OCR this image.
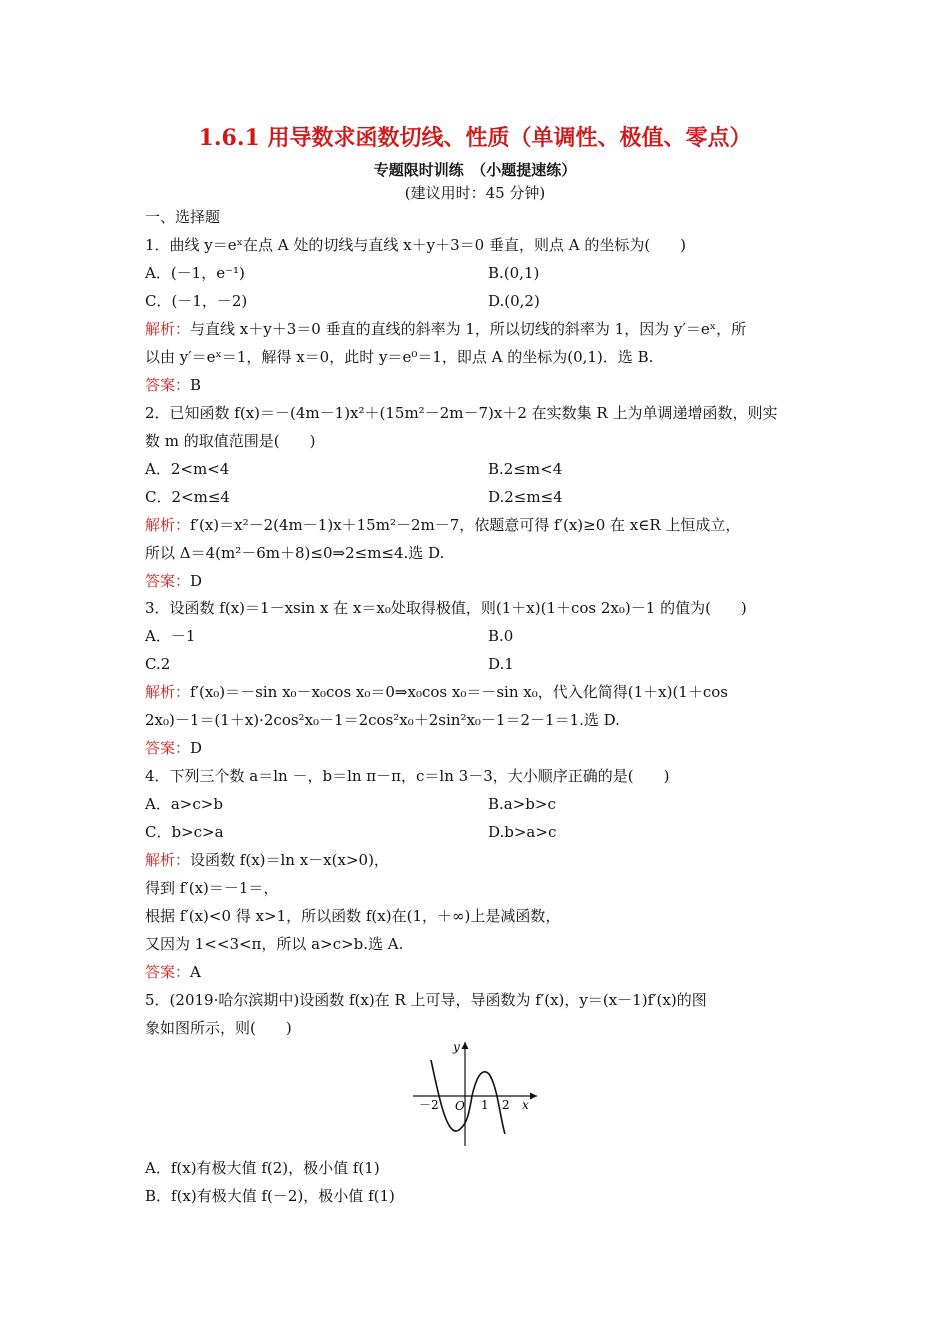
1.6.1 用导数求函数切线、性质（单调性、极值、零点）
专题限时训练　（小题提速练）
(建议用时：45 分钟)
一、选择题
1．曲线 y＝eˣ在点 A 处的切线与直线 x＋y＋3＝0 垂直，则点 A 的坐标为(　　)
A．(－1，e⁻¹)	B.(0,1)
C．(－1，－2)	D.(0,2)
解析：与直线 x＋y＋3＝0 垂直的直线的斜率为 1，所以切线的斜率为 1，因为 y′＝eˣ，所
以由 y′＝eˣ＝1，解得 x＝0，此时 y＝e⁰＝1，即点 A 的坐标为(0,1)．选 B.
答案：B
2．已知函数 f(x)＝－(4m－1)x²＋(15m²－2m－7)x＋2 在实数集 R 上为单调递增函数，则实
数 m 的取值范围是(　　)
A．2<m<4	B.2≤m<4
C．2<m≤4	D.2≤m≤4
解析：f′(x)＝x²－2(4m－1)x＋15m²－2m－7，依题意可得 f′(x)≥0 在 x∈R 上恒成立，
所以 Δ＝4(m²－6m＋8)≤0⇒2≤m≤4.选 D.
答案：D
3．设函数 f(x)＝1－xsin x 在 x＝x₀处取得极值，则(1＋x)(1＋cos 2x₀)－1 的值为(　　)
A．－1	B.0
C.2	D.1
解析：f′(x₀)＝－sin x₀－x₀cos x₀＝0⇒x₀cos x₀＝－sin x₀，代入化简得(1＋x)(1＋cos
2x₀)－1＝(1＋x)·2cos²x₀－1＝2cos²x₀＋2sin²x₀－1＝2－1＝1.选 D.
答案：D
4．下列三个数 a＝ln －，b＝ln π－π，c＝ln 3－3，大小顺序正确的是(　　)
A．a>c>b	B.a>b>c
C．b>c>a	D.b>a>c
解析：设函数 f(x)＝ln x－x(x>0)，
得到 f′(x)＝－1＝，
根据 f′(x)<0 得 x>1，所以函数 f(x)在(1，＋∞)上是减函数，
又因为 1<<3<π，所以 a>c>b.选 A.
答案：A
5．(2019·哈尔滨期中)设函数 f(x)在 R 上可导，导函数为 f′(x)，y＝(x－1)f′(x)的图
象如图所示，则(　　)
y
x
O
－2	1 2
A．f(x)有极大值 f(2)，极小值 f(1)
B．f(x)有极大值 f(－2)，极小值 f(1)
